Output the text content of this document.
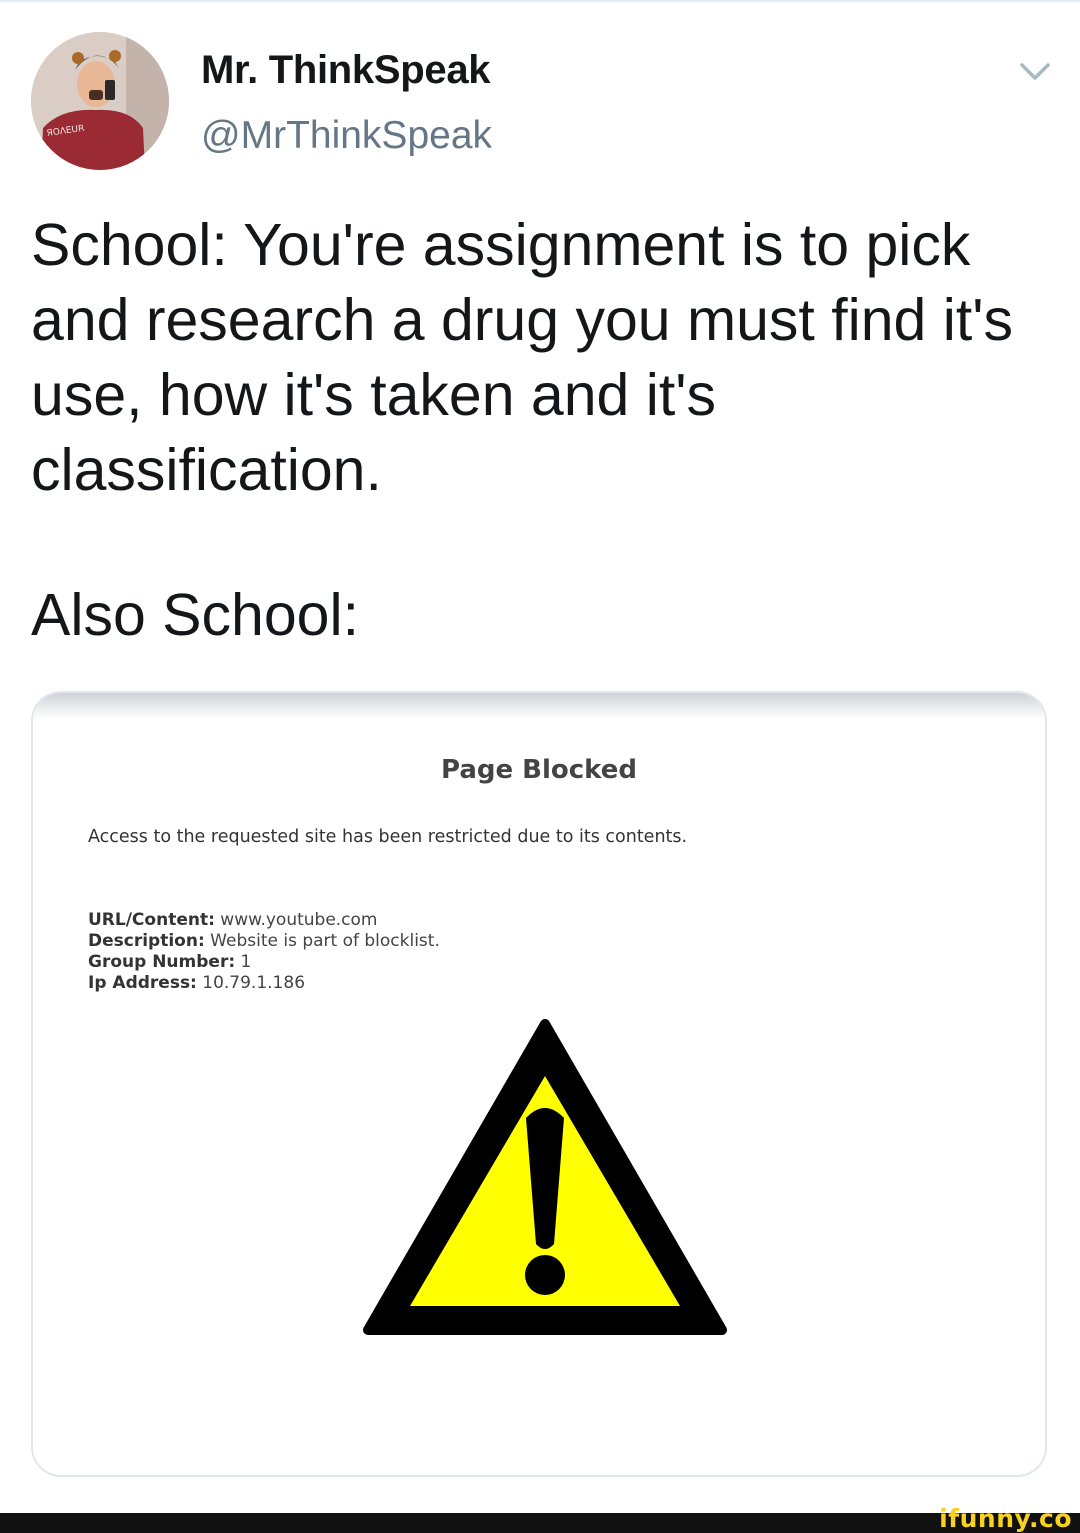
ЯOΛEUR
Mr. ThinkSpeak
@MrThinkSpeak

School: You're assignment is to pick and research a drug you must find it's use, how it's taken and it's classification.

Also School:

Page Blocked
Access to the requested site has been restricted due to its contents.
URL/Content: www.youtube.com
Description: Website is part of blocklist.
Group Number: 1
Ip Address: 10.79.1.186
ifunny.co
